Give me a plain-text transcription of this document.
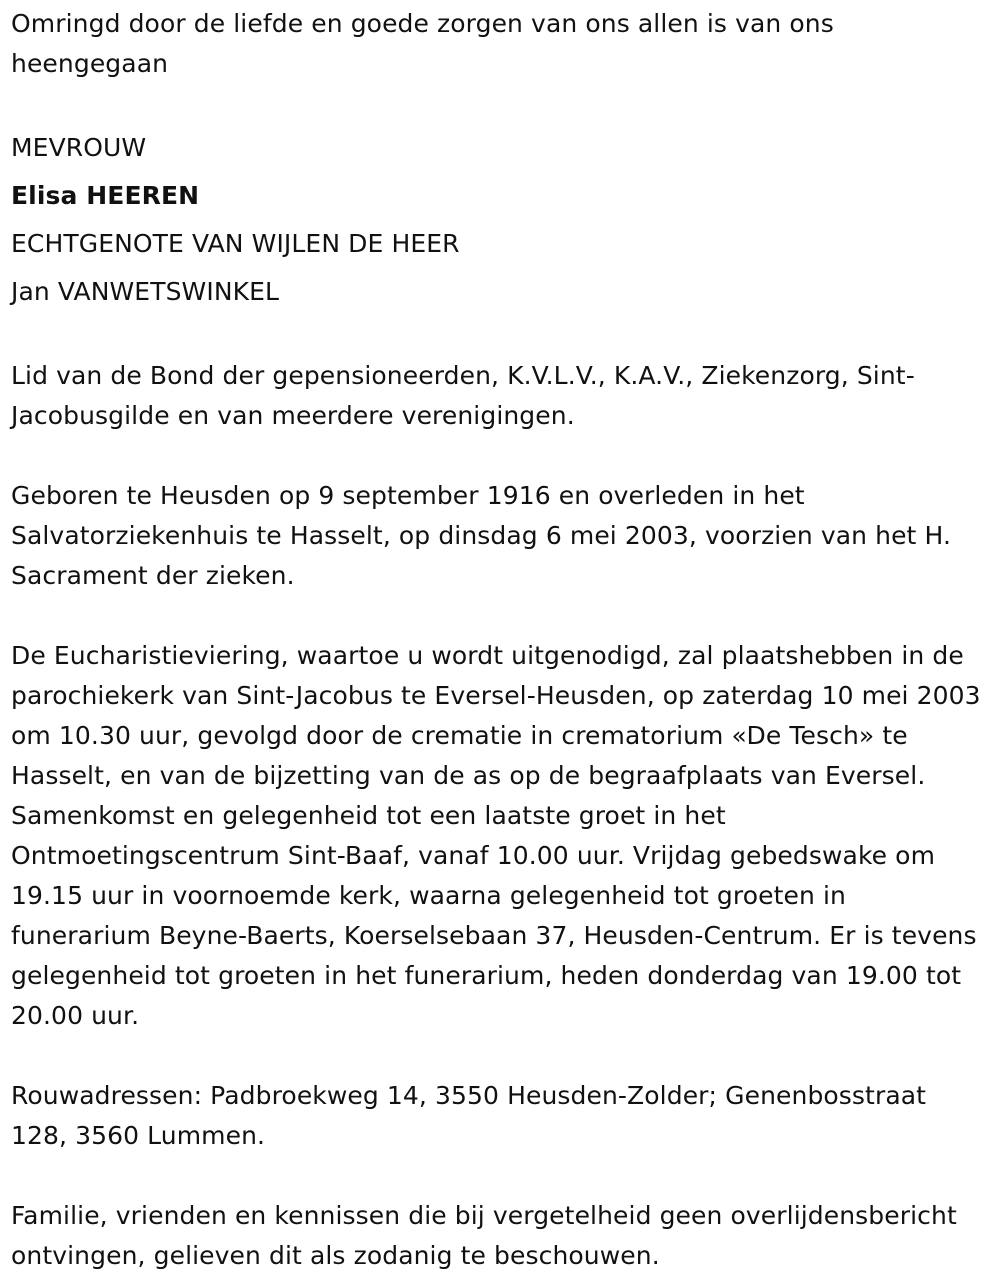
Omringd door de liefde en goede zorgen van ons allen is van ons heengegaan

MEVROUW

Elisa HEEREN

ECHTGENOTE VAN WIJLEN DE HEER

Jan VANWETSWINKEL

Lid van de Bond der gepensioneerden, K.V.L.V., K.A.V., Ziekenzorg, Sint-Jacobusgilde en van meerdere verenigingen.

Geboren te Heusden op 9 september 1916 en overleden in het Salvatorziekenhuis te Hasselt, op dinsdag 6 mei 2003, voorzien van het H. Sacrament der zieken.

De Eucharistieviering, waartoe u wordt uitgenodigd, zal plaatshebben in de parochiekerk van Sint-Jacobus te Eversel-Heusden, op zaterdag 10 mei 2003 om 10.30 uur, gevolgd door de crematie in crematorium «De Tesch» te Hasselt, en van de bijzetting van de as op de begraafplaats van Eversel. Samenkomst en gelegenheid tot een laatste groet in het Ontmoetingscentrum Sint-Baaf, vanaf 10.00 uur. Vrijdag gebedswake om 19.15 uur in voornoemde kerk, waarna gelegenheid tot groeten in funerarium Beyne-Baerts, Koerselsebaan 37, Heusden-Centrum. Er is tevens gelegenheid tot groeten in het funerarium, heden donderdag van 19.00 tot 20.00 uur.

Rouwadressen: Padbroekweg 14, 3550 Heusden-Zolder; Genenbosstraat 128, 3560 Lummen.

Familie, vrienden en kennissen die bij vergetelheid geen overlijdensbericht ontvingen, gelieven dit als zodanig te beschouwen.
